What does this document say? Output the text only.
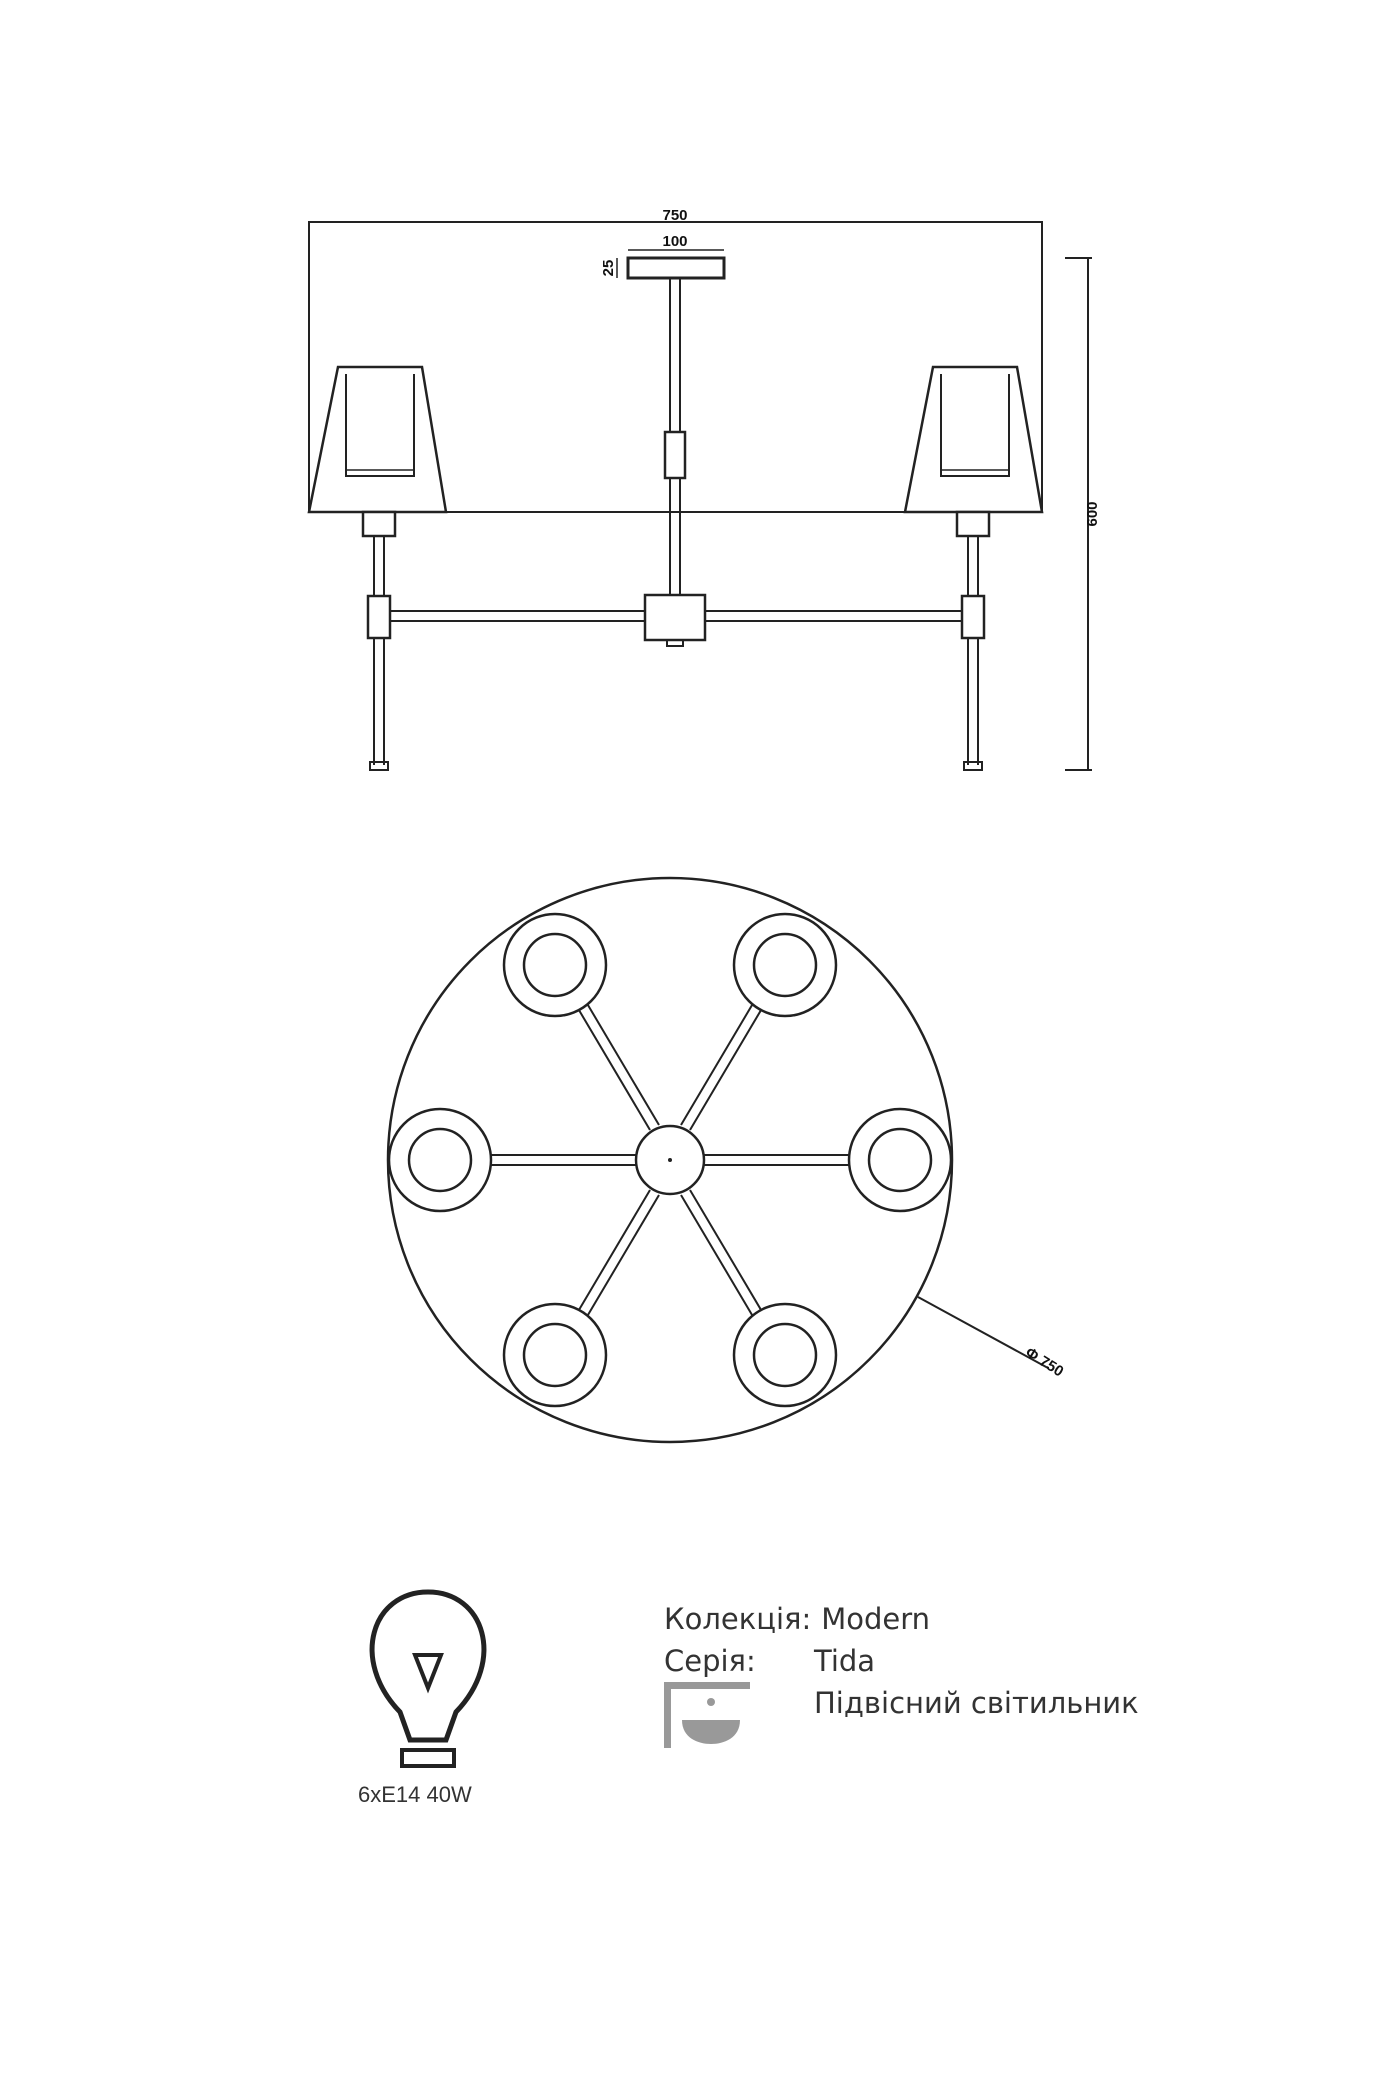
750
100
25
600
Φ 750
6xE14 40W
Колекція: Modern
Серія:	Tida
Підвісний світильник
